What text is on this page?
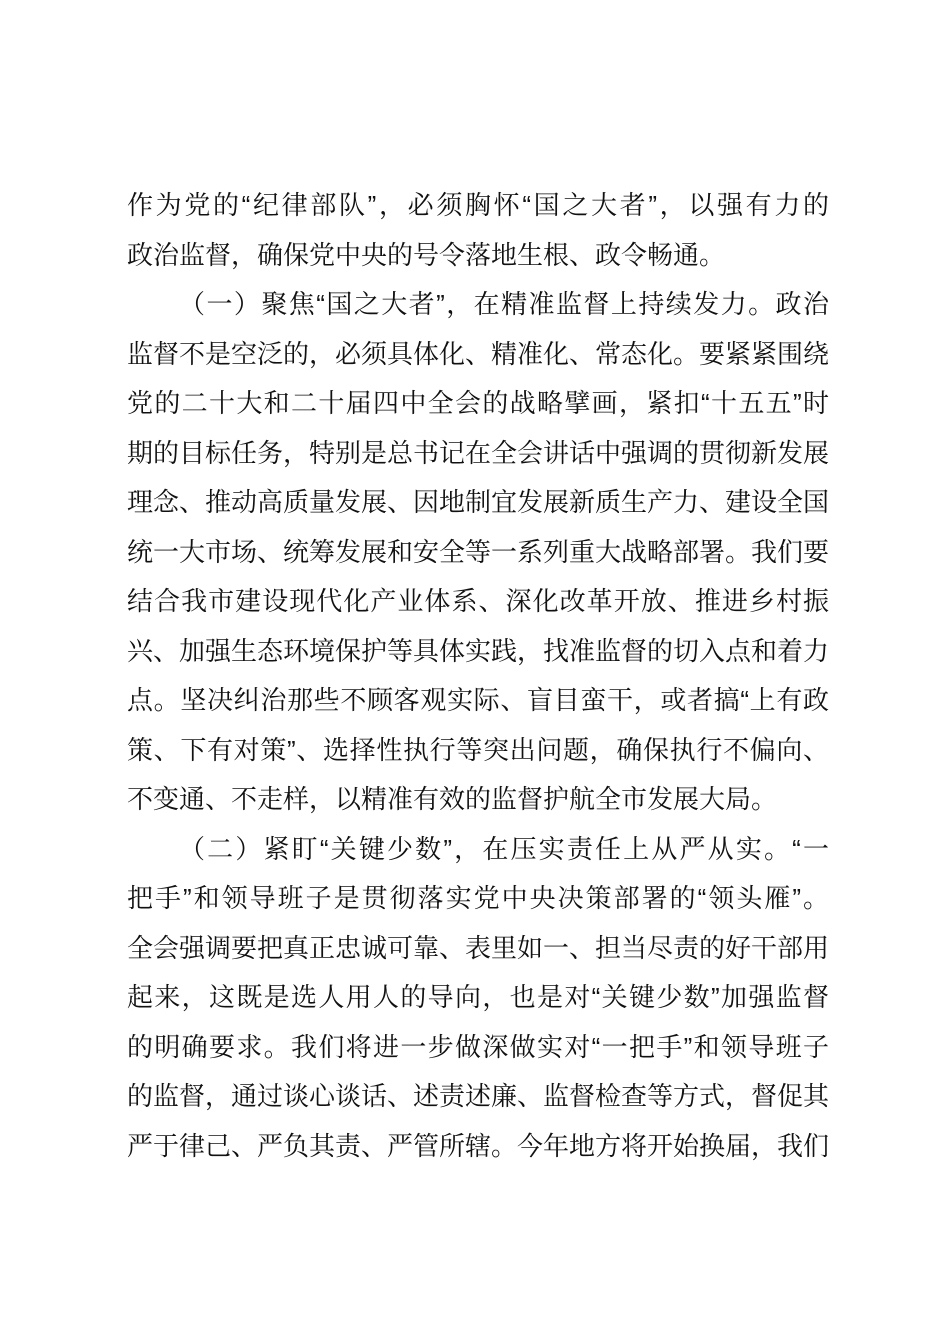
作为党的“纪律部队”，必须胸怀“国之大者”，以强有力的
政治监督，确保党中央的号令落地生根、政令畅通。
（一）聚焦“国之大者”，在精准监督上持续发力。政治
监督不是空泛的，必须具体化、精准化、常态化。要紧紧围绕
党的二十大和二十届四中全会的战略擘画，紧扣“十五五”时
期的目标任务，特别是总书记在全会讲话中强调的贯彻新发展
理念、推动高质量发展、因地制宜发展新质生产力、建设全国
统一大市场、统筹发展和安全等一系列重大战略部署。我们要
结合我市建设现代化产业体系、深化改革开放、推进乡村振
兴、加强生态环境保护等具体实践，找准监督的切入点和着力
点。坚决纠治那些不顾客观实际、盲目蛮干，或者搞“上有政
策、下有对策”、选择性执行等突出问题，确保执行不偏向、
不变通、不走样，以精准有效的监督护航全市发展大局。
（二）紧盯“关键少数”，在压实责任上从严从实。“一
把手”和领导班子是贯彻落实党中央决策部署的“领头雁”。
全会强调要把真正忠诚可靠、表里如一、担当尽责的好干部用
起来，这既是选人用人的导向，也是对“关键少数”加强监督
的明确要求。我们将进一步做深做实对“一把手”和领导班子
的监督，通过谈心谈话、述责述廉、监督检查等方式，督促其
严于律己、严负其责、严管所辖。今年地方将开始换届，我们
